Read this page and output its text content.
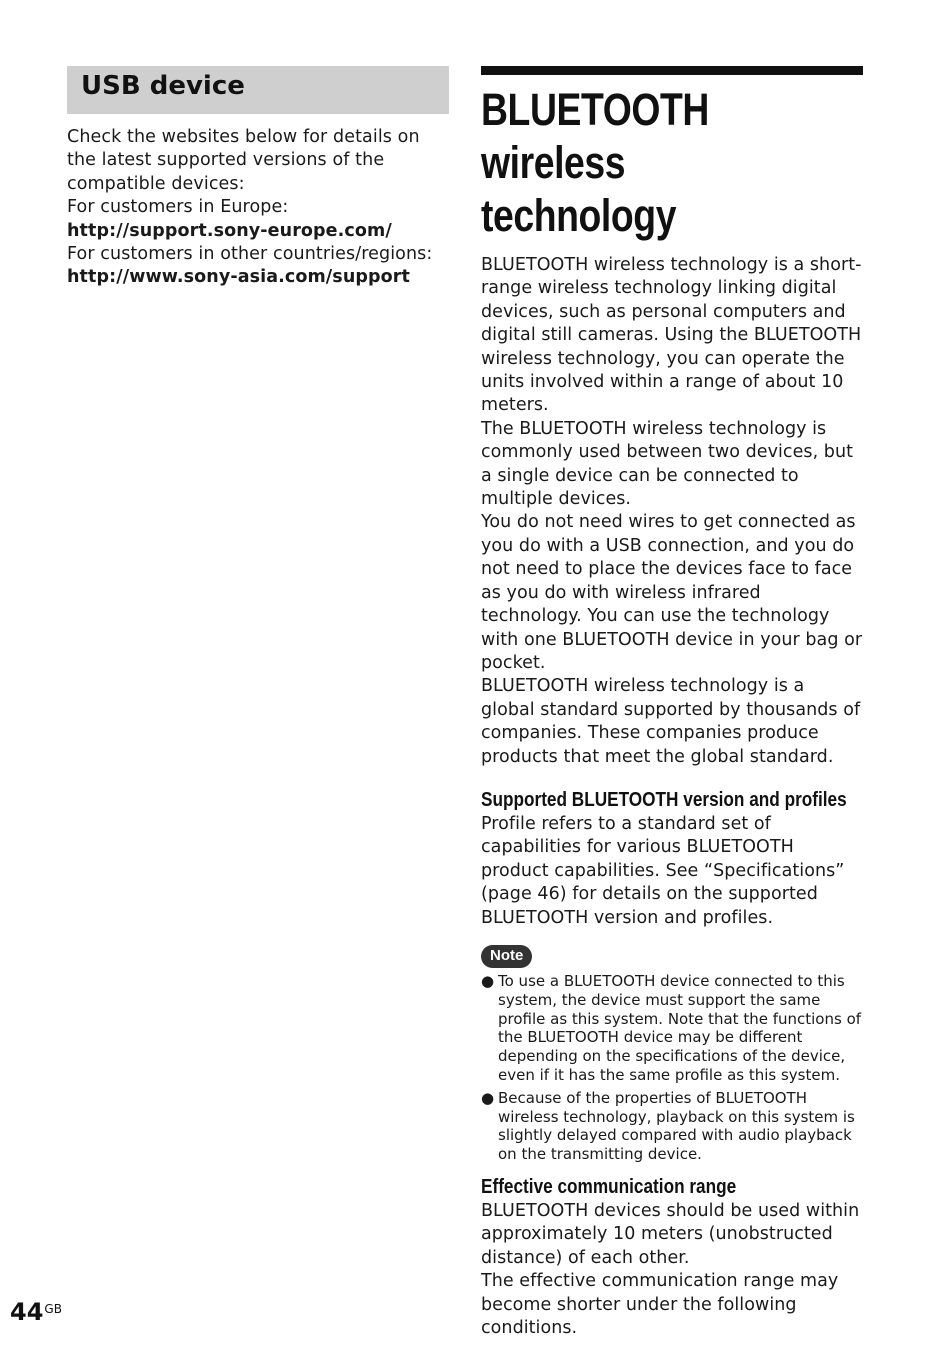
USB device

Check the websites below for details on the latest supported versions of the compatible devices:

For customers in Europe:

http://support.sony-europe.com/

For customers in other countries/regions:

http://www.sony-asia.com/support

BLUETOOTH wireless
technology

BLUETOOTH wireless technology is a short-range wireless technology linking digital devices, such as personal computers and digital still cameras. Using the BLUETOOTH wireless technology, you can operate the units involved within a range of about 10 meters.

The BLUETOOTH wireless technology is commonly used between two devices, but a single device can be connected to multiple devices.

You do not need wires to get connected as you do with a USB connection, and you do not need to place the devices face to face as you do with wireless infrared technology. You can use the technology with one BLUETOOTH device in your bag or pocket.

BLUETOOTH wireless technology is a global standard supported by thousands of companies. These companies produce products that meet the global standard.

Supported BLUETOOTH version and profiles

Profile refers to a standard set of capabilities for various BLUETOOTH product capabilities. See “Specifications” (page 46) for details on the supported BLUETOOTH version and profiles.

Note
● To use a BLUETOOTH device connected to this system, the device must support the same profile as this system. Note that the functions of the BLUETOOTH device may be different depending on the specifications of the device, even if it has the same profile as this system.
● Because of the properties of BLUETOOTH wireless technology, playback on this system is slightly delayed compared with audio playback on the transmitting device.
Effective communication range

BLUETOOTH devices should be used within approximately 10 meters (unobstructed distance) of each other.

The effective communication range may become shorter under the following conditions.

$44^{GB}$
